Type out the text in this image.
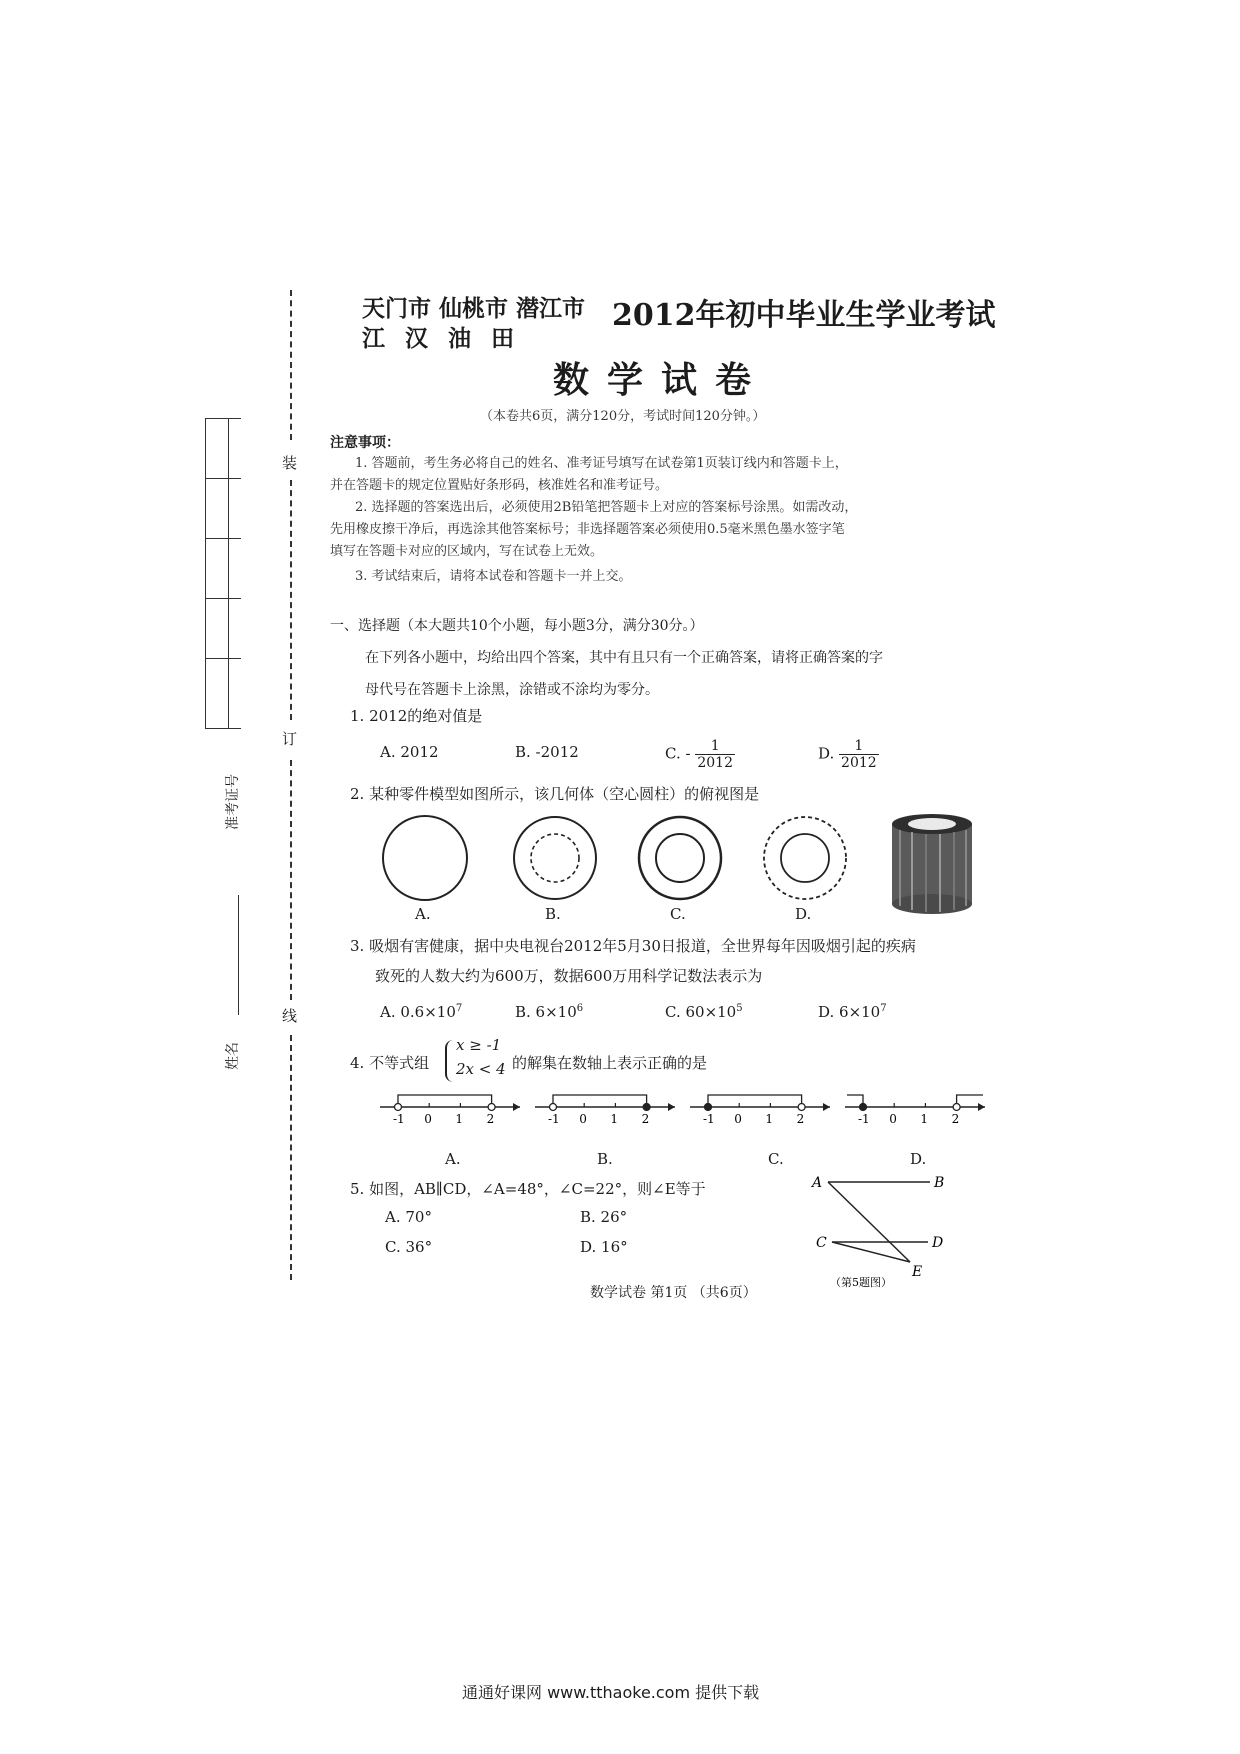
装
订
线
准考证号
姓名
天门市 仙桃市 潜江市
江 汉 油 田
2012年初中毕业生学业考试
数学试卷
（本卷共6页，满分120分，考试时间120分钟。）
注意事项：
1. 答题前，考生务必将自己的姓名、准考证号填写在试卷第1页装订线内和答题卡上，
并在答题卡的规定位置贴好条形码，核准姓名和准考证号。
2. 选择题的答案选出后，必须使用2B铅笔把答题卡上对应的答案标号涂黑。如需改动，
先用橡皮擦干净后，再选涂其他答案标号；非选择题答案必须使用0.5毫米黑色墨水签字笔
填写在答题卡对应的区域内，写在试卷上无效。
3. 考试结束后，请将本试卷和答题卡一并上交。
一、选择题（本大题共10个小题，每小题3分，满分30分。）
在下列各小题中，均给出四个答案，其中有且只有一个正确答案，请将正确答案的字
母代号在答题卡上涂黑，涂错或不涂均为零分。
1. 2012的绝对值是
A. 2012	B. -2012	C. - $\frac{1}{2012}$	D. $\frac{1}{2012}$
2. 某种零件模型如图所示，该几何体（空心圆柱）的俯视图是
A.	B.	C.	D.
3. 吸烟有害健康，据中央电视台2012年5月30日报道，全世界每年因吸烟引起的疾病
致死的人数大约为600万，数据600万用科学记数法表示为
A. $0.6\times 10^7$	B. $6\times 10^6$	C. $60\times 10^5$	D. $6\times 10^7$
4. 不等式组
x ≥ -1
2x < 4 的解集在数轴上表示正确的是
-1 0 1 2	-1 0 1 2	-1 0 1 2	-1 0 1 2
A.	B.	C.	D.
5. 如图，AB∥CD，∠A=48°，∠C=22°，则∠E等于
A. 70°	B. 26°
C. 36°	D. 16°
A	B
C	D
E
（第5题图）
数学试卷 第1页 （共6页）
通通好课网 www.tthaoke.com 提供下载
